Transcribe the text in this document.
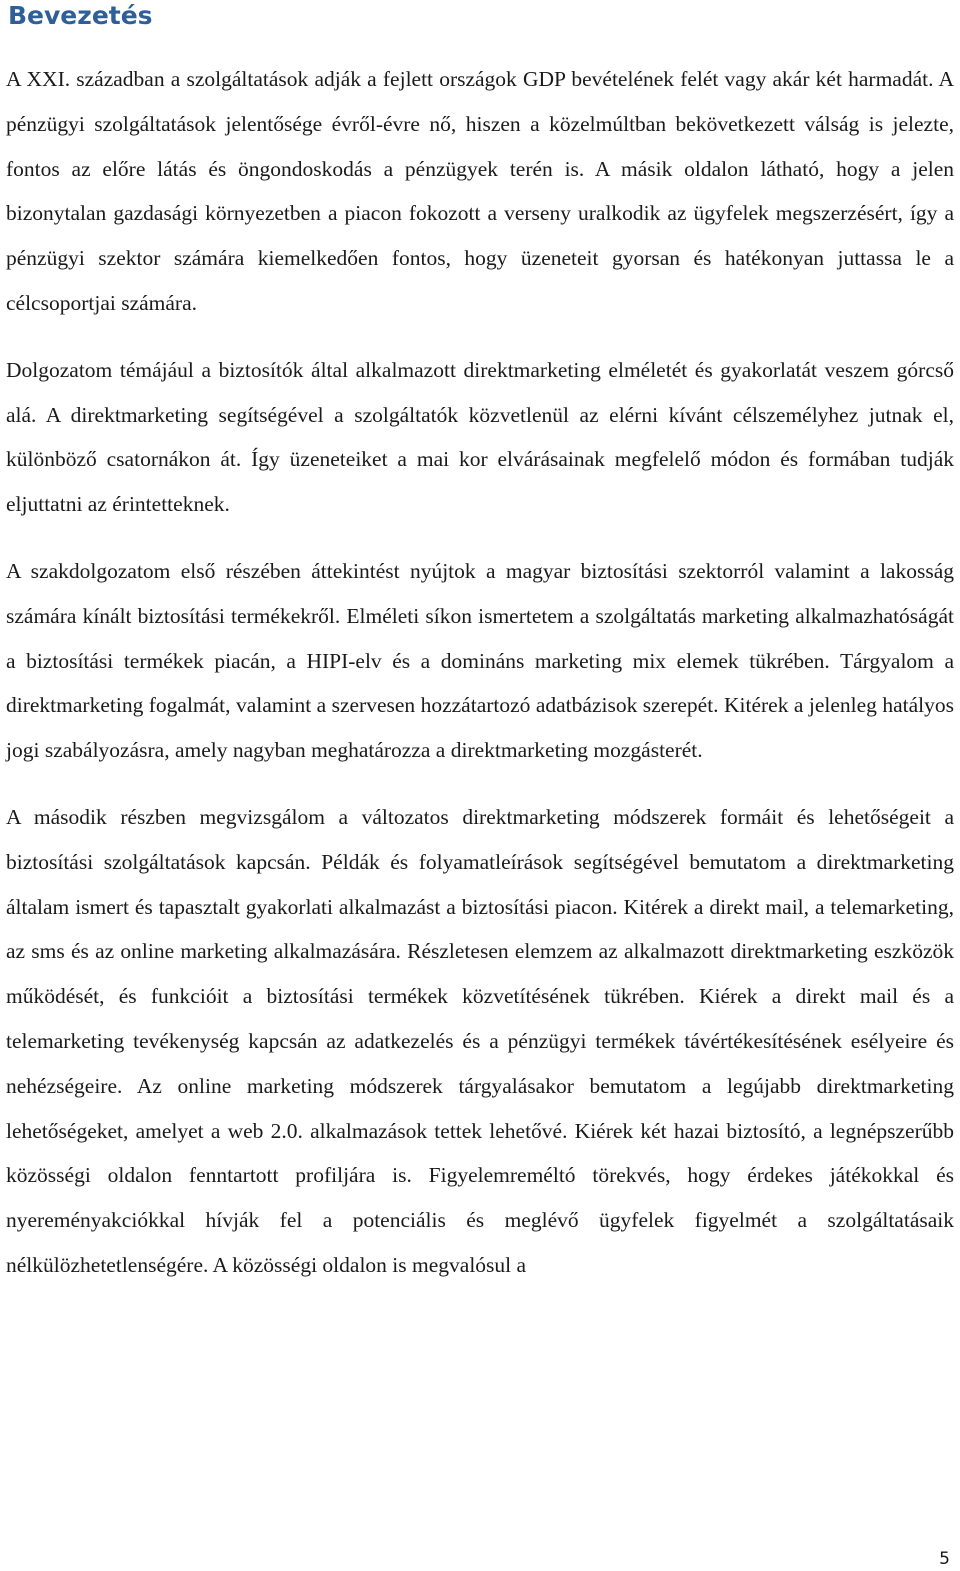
Bevezetés

A XXI. században a szolgáltatások adják a fejlett országok GDP bevételének felét vagy akár két harmadát. A pénzügyi szolgáltatások jelentősége évről-évre nő, hiszen a közelmúltban bekövetkezett válság is jelezte, fontos az előre látás és öngondoskodás a pénzügyek terén is. A másik oldalon látható, hogy a jelen bizonytalan gazdasági környezetben a piacon fokozott a verseny uralkodik az ügyfelek megszerzésért, így a pénzügyi szektor számára kiemelkedően fontos, hogy üzeneteit gyorsan és hatékonyan juttassa le a célcsoportjai számára.

Dolgozatom témájául a biztosítók által alkalmazott direktmarketing elméletét és gyakorlatát veszem górcső alá. A direktmarketing segítségével a szolgáltatók közvetlenül az elérni kívánt célszemélyhez jutnak el, különböző csatornákon át. Így üzeneteiket a mai kor elvárásainak megfelelő módon és formában tudják eljuttatni az érintetteknek.

A szakdolgozatom első részében áttekintést nyújtok a magyar biztosítási szektorról valamint a lakosság számára kínált biztosítási termékekről. Elméleti síkon ismertetem a szolgáltatás marketing alkalmazhatóságát a biztosítási termékek piacán, a HIPI-elv és a domináns marketing mix elemek tükrében. Tárgyalom a direktmarketing fogalmát, valamint a szervesen hozzátartozó adatbázisok szerepét. Kitérek a jelenleg hatályos jogi szabályozásra, amely nagyban meghatározza a direktmarketing mozgásterét.

A második részben megvizsgálom a változatos direktmarketing módszerek formáit és lehetőségeit a biztosítási szolgáltatások kapcsán. Példák és folyamatleírások segítségével bemutatom a direktmarketing általam ismert és tapasztalt gyakorlati alkalmazást a biztosítási piacon. Kitérek a direkt mail, a telemarketing, az sms és az online marketing alkalmazására. Részletesen elemzem az alkalmazott direktmarketing eszközök működését, és funkcióit a biztosítási termékek közvetítésének tükrében. Kiérek a direkt mail és a telemarketing tevékenység kapcsán az adatkezelés és a pénzügyi termékek távértékesítésének esélyeire és nehézségeire. Az online marketing módszerek tárgyalásakor bemutatom a legújabb direktmarketing lehetőségeket, amelyet a web 2.0. alkalmazások tettek lehetővé. Kiérek két hazai biztosító, a legnépszerűbb közösségi oldalon fenntartott profiljára is. Figyelemreméltó törekvés, hogy érdekes játékokkal és nyereményakciókkal hívják fel a potenciális és meglévő ügyfelek figyelmét a szolgáltatásaik nélkülözhetetlenségére. A közösségi oldalon is megvalósul a

5
